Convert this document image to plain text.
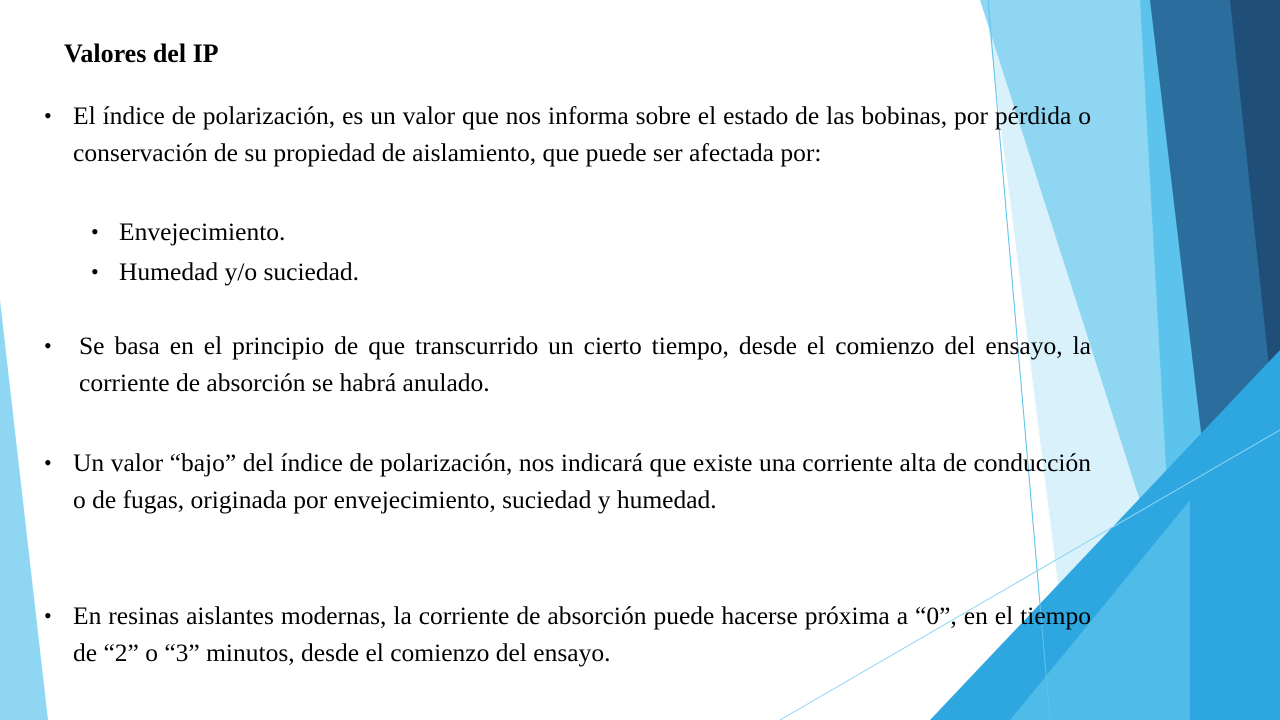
Valores del IP
• El índice de polarización, es un valor que nos informa sobre el estado de las bobinas, por pérdida o conservación de su propiedad de aislamiento, que puede ser afectada por:
• Envejecimiento.
• Humedad y/o suciedad.
• Se basa en el principio de que transcurrido un cierto tiempo, desde el comienzo del ensayo, la corriente de absorción se habrá anulado.
• Un valor “bajo” del índice de polarización, nos indicará que existe una corriente alta de conducción o de fugas, originada por envejecimiento, suciedad y humedad.
• En resinas aislantes modernas, la corriente de absorción puede hacerse próxima a “0”, en el tiempo de “2” o “3” minutos, desde el comienzo del ensayo.
